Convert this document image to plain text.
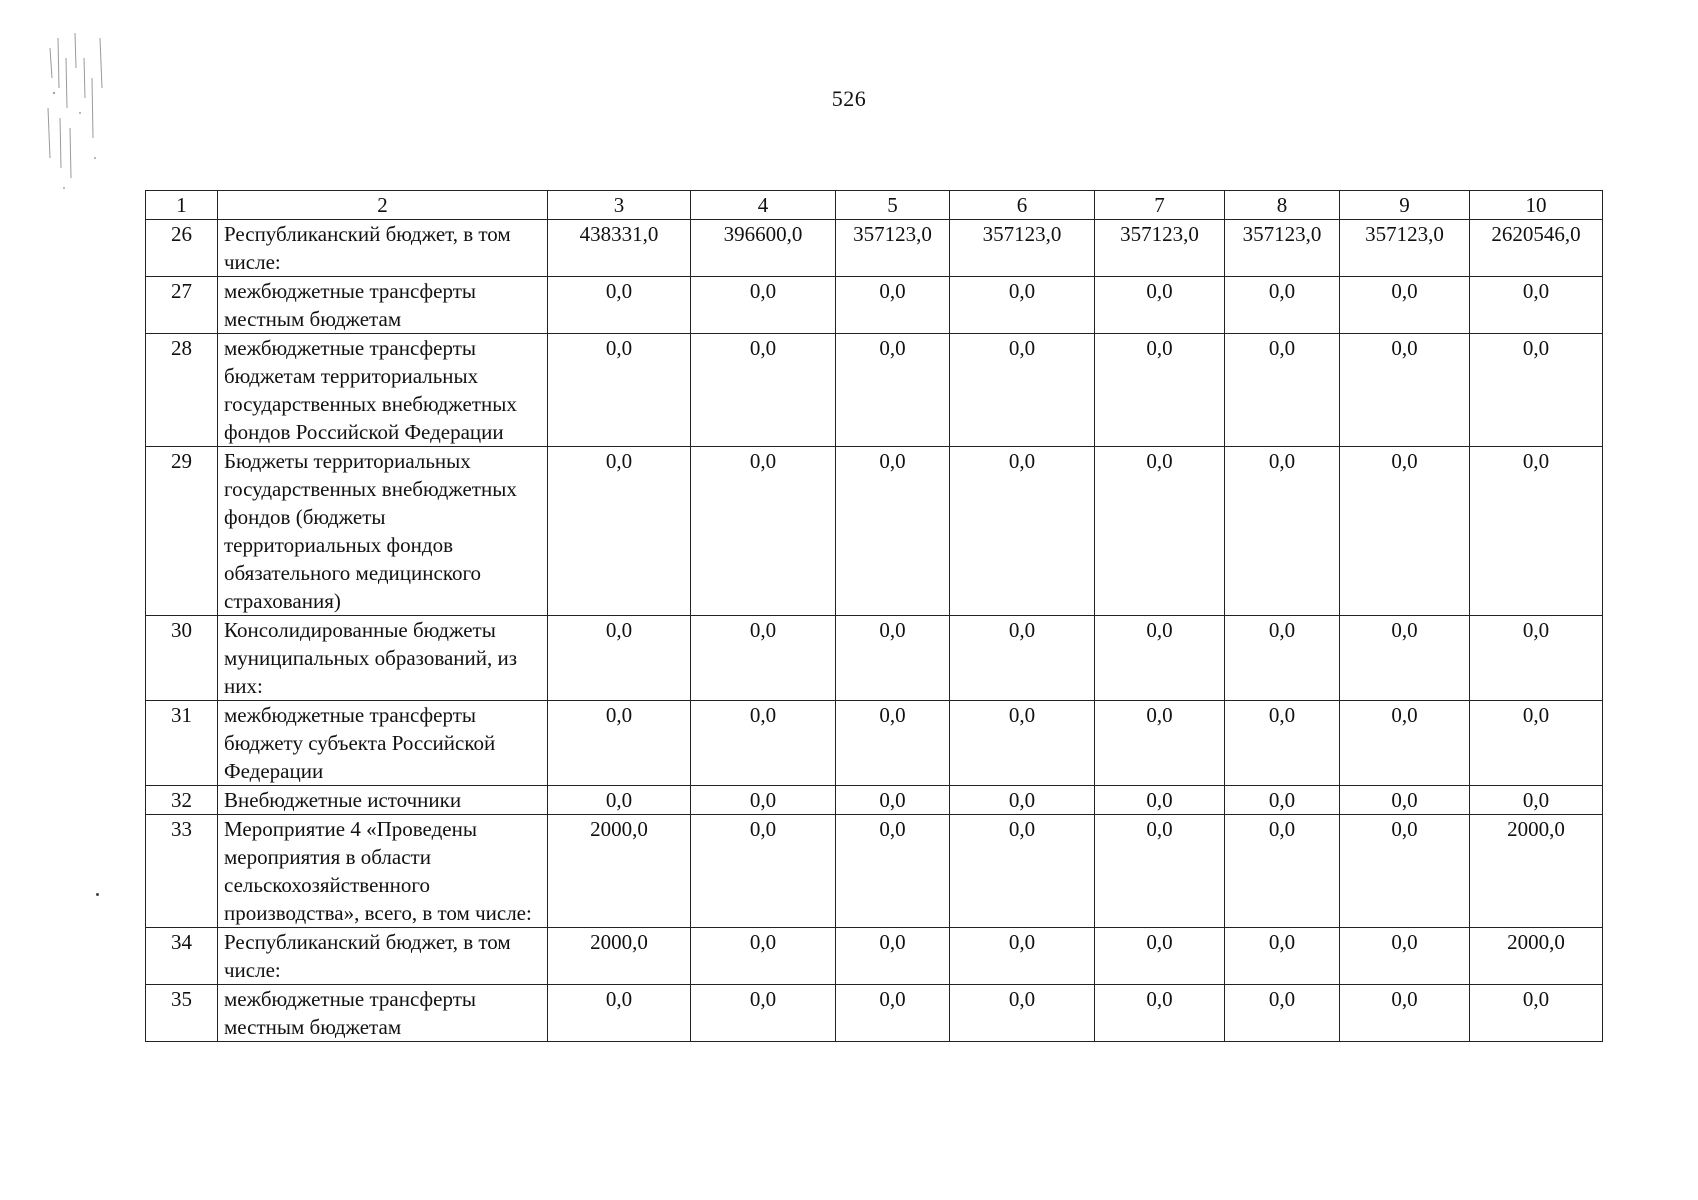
526
1	2	3	4	5	6	7	8	9	10
26	Республиканский бюджет, в том числе:	438331,0	396600,0	357123,0	357123,0	357123,0	357123,0	357123,0	2620546,0
27	межбюджетные трансферты местным бюджетам	0,0	0,0	0,0	0,0	0,0	0,0	0,0	0,0
28	межбюджетные трансферты бюджетам территориальных государственных внебюджетных фондов Российской Федерации	0,0	0,0	0,0	0,0	0,0	0,0	0,0	0,0
29	Бюджеты территориальных государственных внебюджетных фондов (бюджеты территориальных фондов обязательного медицинского страхования)	0,0	0,0	0,0	0,0	0,0	0,0	0,0	0,0
30	Консолидированные бюджеты муниципальных образований, из них:	0,0	0,0	0,0	0,0	0,0	0,0	0,0	0,0
31	межбюджетные трансферты бюджету субъекта Российской Федерации	0,0	0,0	0,0	0,0	0,0	0,0	0,0	0,0
32	Внебюджетные источники	0,0	0,0	0,0	0,0	0,0	0,0	0,0	0,0
33	Мероприятие 4 «Проведены мероприятия в области сельскохозяйственного производства», всего, в том числе:	2000,0	0,0	0,0	0,0	0,0	0,0	0,0	2000,0
34	Республиканский бюджет, в том числе:	2000,0	0,0	0,0	0,0	0,0	0,0	0,0	2000,0
35	межбюджетные трансферты местным бюджетам	0,0	0,0	0,0	0,0	0,0	0,0	0,0	0,0
